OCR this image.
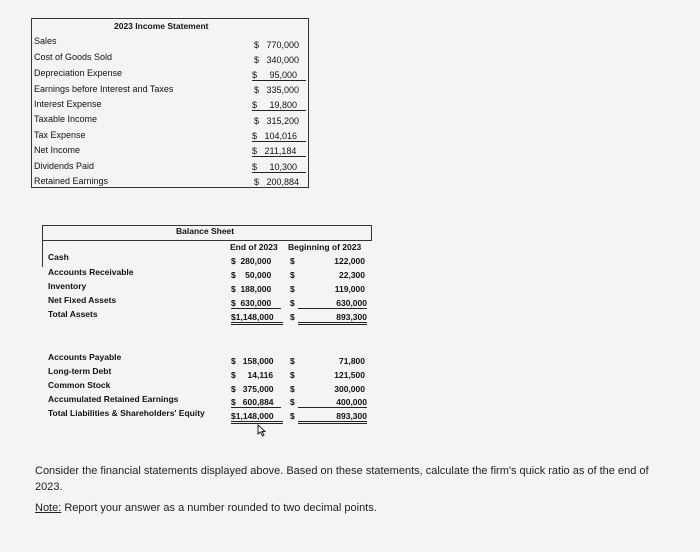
2023 Income Statement
Sales
Cost of Goods Sold
Depreciation Expense
Earnings before Interest and Taxes
Interest Expense
Taxable Income
Tax Expense
Net Income
Dividends Paid
Retained Earnings
$   770,000
$   340,000
$     95,000
$   335,000
$     19,800
$   315,200
$   104,016
$   211,184
$     10,300
$   200,884
Balance Sheet
End of 2023 Beginning of 2023
Cash
Accounts Receivable
Inventory
Net Fixed Assets
Total Assets
$  280,000
$    50,000
$  188,000
$  630,000
$1,148,000
$
$
$
$
$
122,000
22,300
119,000
630,000
893,300
Accounts Payable
Long-term Debt
Common Stock
Accumulated Retained Earnings
Total Liabilities & Shareholders' Equity
$   158,000
$     14,116
$   375,000
$   600,884
$1,148,000
$
$
$
$
$
71,800
121,500
300,000
400,000
893,300
Consider the financial statements displayed above. Based on these statements, calculate the firm's quick ratio as of the end of 2023.
Note: Report your answer as a number rounded to two decimal points.
